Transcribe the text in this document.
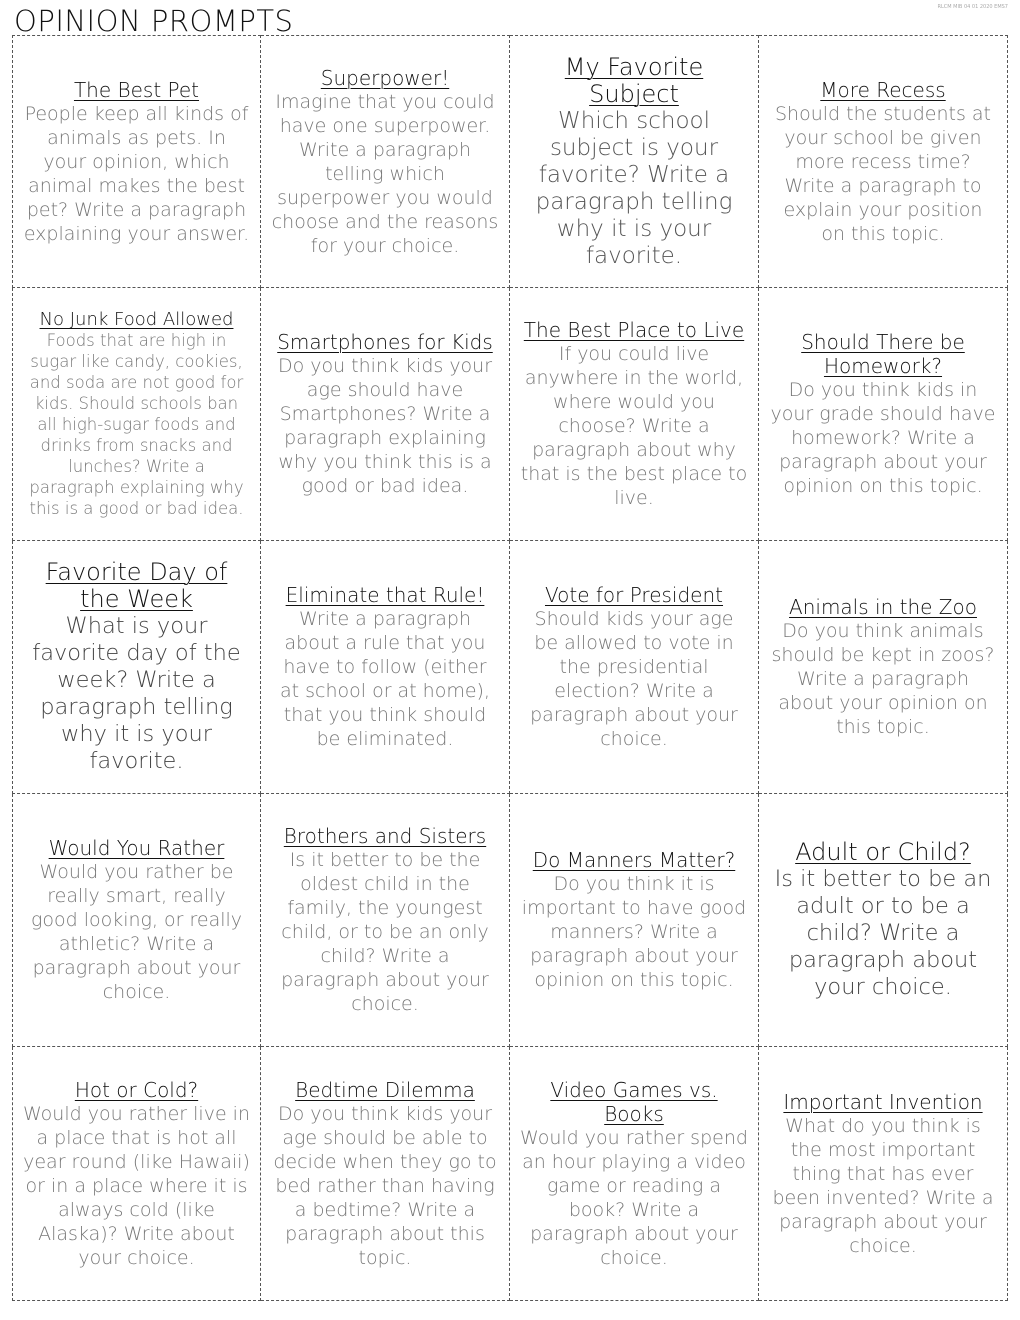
OPINION PROMPTS	RLCM MIB 04 01 2020 EMS7
The Best Pet
People keep all kinds of animals as pets. In your opinion, which animal makes the best pet? Write a paragraph explaining your answer.
Superpower!
Imagine that you could have one superpower. Write a paragraph telling which superpower you would choose and the reasons for your choice.
My Favorite Subject
Which school subject is your favorite? Write a paragraph telling why it is your favorite.
More Recess
Should the students at your school be given more recess time? Write a paragraph to explain your position on this topic.
No Junk Food Allowed
Foods that are high in sugar like candy, cookies, and soda are not good for kids. Should schools ban all high-sugar foods and drinks from snacks and lunches? Write a paragraph explaining why this is a good or bad idea.
Smartphones for Kids
Do you think kids your age should have Smartphones? Write a paragraph explaining why you think this is a good or bad idea.
The Best Place to Live
If you could live anywhere in the world, where would you choose? Write a paragraph about why that is the best place to live.
Should There be Homework?
Do you think kids in your grade should have homework? Write a paragraph about your opinion on this topic.
Favorite Day of the Week
What is your favorite day of the week? Write a paragraph telling why it is your favorite.
Eliminate that Rule!
Write a paragraph about a rule that you have to follow (either at school or at home), that you think should be eliminated.
Vote for President
Should kids your age be allowed to vote in the presidential election? Write a paragraph about your choice.
Animals in the Zoo
Do you think animals should be kept in zoos? Write a paragraph about your opinion on this topic.
Would You Rather
Would you rather be really smart, really good looking, or really athletic? Write a paragraph about your choice.
Brothers and Sisters
Is it better to be the oldest child in the family, the youngest child, or to be an only child? Write a paragraph about your choice.
Do Manners Matter?
Do you think it is important to have good manners? Write a paragraph about your opinion on this topic.
Adult or Child?
Is it better to be an adult or to be a child? Write a paragraph about your choice.
Hot or Cold?
Would you rather live in a place that is hot all year round (like Hawaii) or in a place where it is always cold (like Alaska)? Write about your choice.
Bedtime Dilemma
Do you think kids your age should be able to decide when they go to bed rather than having a bedtime? Write a paragraph about this topic.
Video Games vs. Books
Would you rather spend an hour playing a video game or reading a book? Write a paragraph about your choice.
Important Invention
What do you think is the most important thing that has ever been invented? Write a paragraph about your choice.
